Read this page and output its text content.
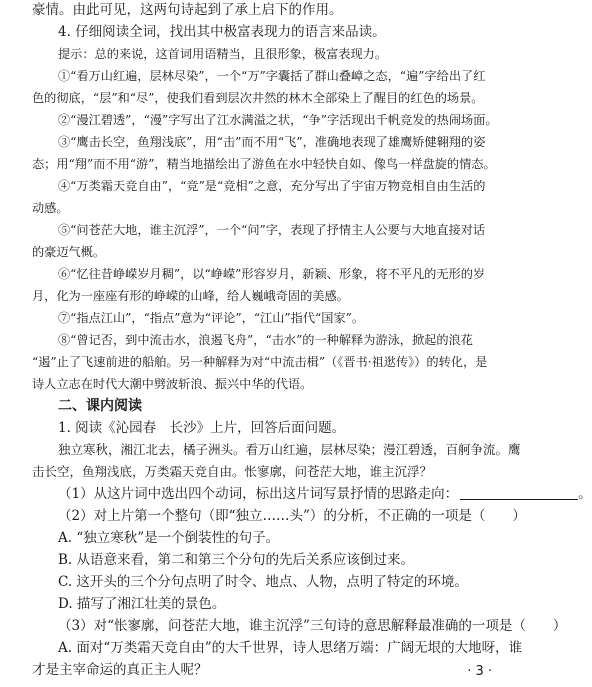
豪情。由此可见，这两句诗起到了承上启下的作用。
4. 仔细阅读全词，找出其中极富表现力的语言来品读。
提示：总的来说，这首词用语精当，且很形象，极富表现力。
①“看万山红遍，层林尽染”，一个“万”字囊括了群山叠嶂之态，“遍”字给出了红
色的彻底，“层”和“尽”，使我们看到层次井然的林木全部染上了醒目的红色的场景。
②“漫江碧透”，“漫”字写出了江水满溢之状，“争”字活现出千帆竞发的热闹场面。
③“鹰击长空，鱼翔浅底”，用“击”而不用“飞”，准确地表现了雄鹰矫健翱翔的姿
态；用“翔”而不用“游”，精当地描绘出了游鱼在水中轻快自如、像鸟一样盘旋的情态。
④“万类霜天竞自由”，“竞”是“竞相”之意，充分写出了宇宙万物竞相自由生活的
动感。
⑤“问苍茫大地，谁主沉浮”，一个“问”字，表现了抒情主人公要与大地直接对话
的豪迈气概。
⑥“忆往昔峥嵘岁月稠”，以“峥嵘”形容岁月，新颖、形象，将不平凡的无形的岁
月，化为一座座有形的峥嵘的山峰，给人巍峨奇固的美感。
⑦“指点江山”，“指点”意为“评论”，“江山”指代“国家”。
⑧“曾记否，到中流击水，浪遏飞舟”，“击水”的一种解释为游泳，掀起的浪花
“遏”止了飞速前进的船舶。另一种解释为对“中流击楫”（《晋书·祖逖传》）的转化，是
诗人立志在时代大潮中劈波斩浪、振兴中华的代语。
二、课内阅读
1. 阅读《沁园春　长沙》上片，回答后面问题。
独立寒秋，湘江北去，橘子洲头。看万山红遍，层林尽染；漫江碧透，百舸争流。鹰
击长空，鱼翔浅底，万类霜天竞自由。怅寥廓，问苍茫大地，谁主沉浮？
（1）从这片词中选出四个动词，标出这片词写景抒情的思路走向：	。
（2）对上片第一个整句（即“独立……头”）的分析，不正确的一项是（　　）
A. “独立寒秋”是一个倒装性的句子。
B. 从语意来看，第二和第三个分句的先后关系应该倒过来。
C. 这开头的三个分句点明了时令、地点、人物，点明了特定的环境。
D. 描写了湘江壮美的景色。
（3）对“怅寥廓，问苍茫大地，谁主沉浮”三句诗的意思解释最准确的一项是（　　）
A. 面对“万类霜天竞自由”的大千世界，诗人思绪万端：广阔无垠的大地呀，谁
才是主宰命运的真正主人呢？	· 3 ·
